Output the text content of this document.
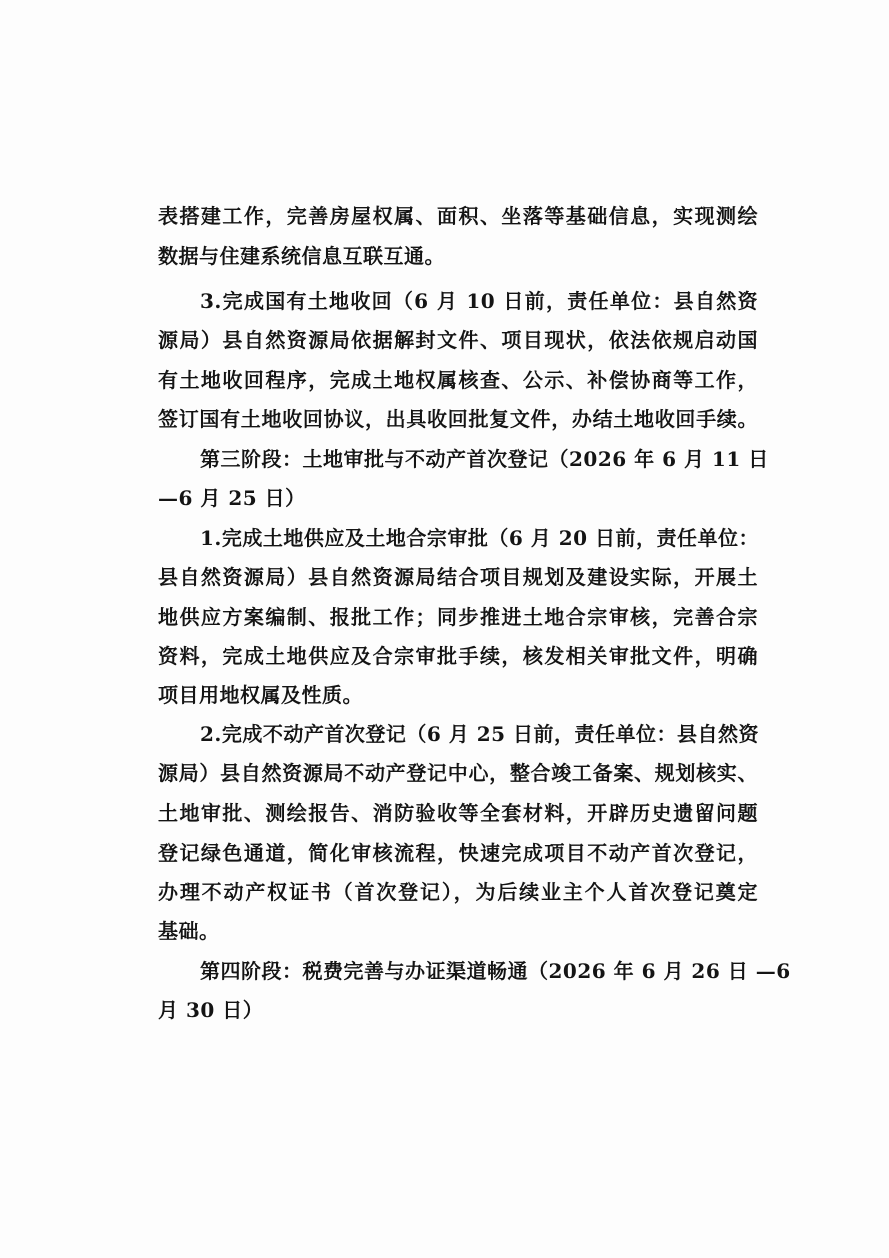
表搭建工作，完善房屋权属、面积、坐落等基础信息，实现测绘
数据与住建系统信息互联互通。
3.完成国有土地收回（6 月 10 日前，责任单位：县自然资
源局）县自然资源局依据解封文件、项目现状，依法依规启动国
有土地收回程序，完成土地权属核查、公示、补偿协商等工作，
签订国有土地收回协议，出具收回批复文件，办结土地收回手续。
第三阶段：土地审批与不动产首次登记（2026 年 6 月 11 日
—6 月 25 日）
1.完成土地供应及土地合宗审批（6 月 20 日前，责任单位：
县自然资源局）县自然资源局结合项目规划及建设实际，开展土
地供应方案编制、报批工作；同步推进土地合宗审核，完善合宗
资料，完成土地供应及合宗审批手续，核发相关审批文件，明确
项目用地权属及性质。
2.完成不动产首次登记（6 月 25 日前，责任单位：县自然资
源局）县自然资源局不动产登记中心，整合竣工备案、规划核实、
土地审批、测绘报告、消防验收等全套材料，开辟历史遗留问题
登记绿色通道，简化审核流程，快速完成项目不动产首次登记，
办理不动产权证书（首次登记），为后续业主个人首次登记奠定
基础。
第四阶段：税费完善与办证渠道畅通（2026 年 6 月 26 日 —6
月 30 日）
